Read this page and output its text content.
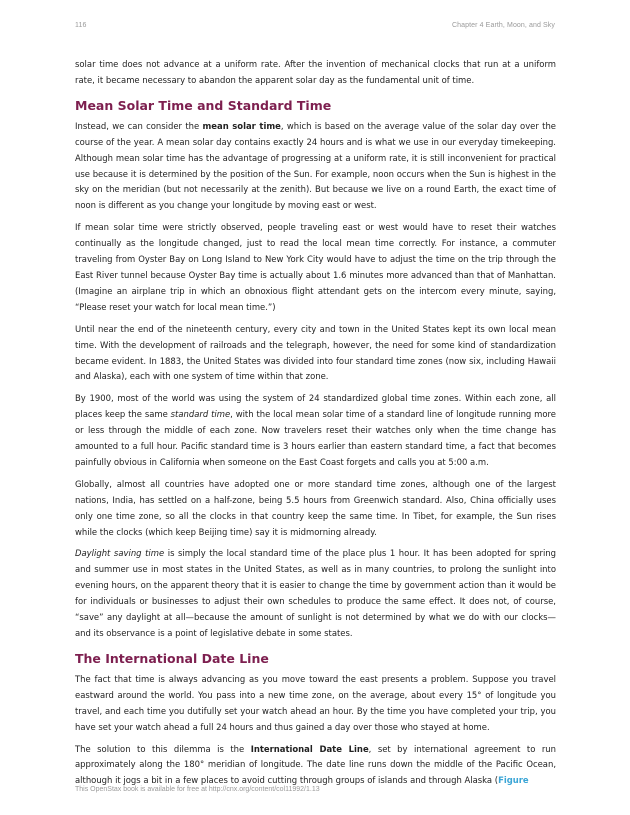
116	Chapter 4 Earth, Moon, and Sky

solar time does not advance at a uniform rate. After the invention of mechanical clocks that run at a uniform rate, it became necessary to abandon the apparent solar day as the fundamental unit of time.

Mean Solar Time and Standard Time

Instead, we can consider the mean solar time, which is based on the average value of the solar day over the course of the year. A mean solar day contains exactly 24 hours and is what we use in our everyday timekeeping. Although mean solar time has the advantage of progressing at a uniform rate, it is still inconvenient for practical use because it is determined by the position of the Sun. For example, noon occurs when the Sun is highest in the sky on the meridian (but not necessarily at the zenith). But because we live on a round Earth, the exact time of noon is different as you change your longitude by moving east or west.

If mean solar time were strictly observed, people traveling east or west would have to reset their watches continually as the longitude changed, just to read the local mean time correctly. For instance, a commuter traveling from Oyster Bay on Long Island to New York City would have to adjust the time on the trip through the East River tunnel because Oyster Bay time is actually about 1.6 minutes more advanced than that of Manhattan. (Imagine an airplane trip in which an obnoxious flight attendant gets on the intercom every minute, saying, “Please reset your watch for local mean time.”)

Until near the end of the nineteenth century, every city and town in the United States kept its own local mean time. With the development of railroads and the telegraph, however, the need for some kind of standardization became evident. In 1883, the United States was divided into four standard time zones (now six, including Hawaii and Alaska), each with one system of time within that zone.

By 1900, most of the world was using the system of 24 standardized global time zones. Within each zone, all places keep the same standard time, with the local mean solar time of a standard line of longitude running more or less through the middle of each zone. Now travelers reset their watches only when the time change has amounted to a full hour. Pacific standard time is 3 hours earlier than eastern standard time, a fact that becomes painfully obvious in California when someone on the East Coast forgets and calls you at 5:00 a.m.

Globally, almost all countries have adopted one or more standard time zones, although one of the largest nations, India, has settled on a half-zone, being 5.5 hours from Greenwich standard. Also, China officially uses only one time zone, so all the clocks in that country keep the same time. In Tibet, for example, the Sun rises while the clocks (which keep Beijing time) say it is midmorning already.

Daylight saving time is simply the local standard time of the place plus 1 hour. It has been adopted for spring and summer use in most states in the United States, as well as in many countries, to prolong the sunlight into evening hours, on the apparent theory that it is easier to change the time by government action than it would be for individuals or businesses to adjust their own schedules to produce the same effect. It does not, of course, “save” any daylight at all—because the amount of sunlight is not determined by what we do with our clocks—and its observance is a point of legislative debate in some states.

The International Date Line

The fact that time is always advancing as you move toward the east presents a problem. Suppose you travel eastward around the world. You pass into a new time zone, on the average, about every 15° of longitude you travel, and each time you dutifully set your watch ahead an hour. By the time you have completed your trip, you have set your watch ahead a full 24 hours and thus gained a day over those who stayed at home.

The solution to this dilemma is the International Date Line, set by international agreement to run approximately along the 180° meridian of longitude. The date line runs down the middle of the Pacific Ocean, although it jogs a bit in a few places to avoid cutting through groups of islands and through Alaska (Figure

This OpenStax book is available for free at http://cnx.org/content/col11992/1.13
